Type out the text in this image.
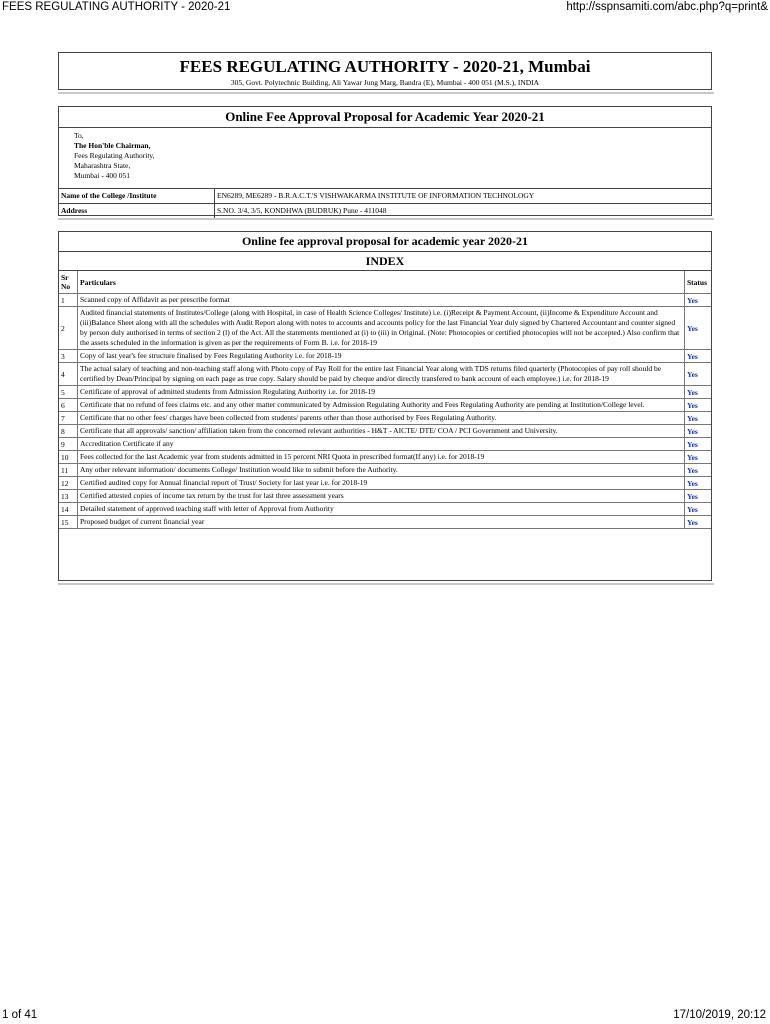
FEES REGULATING AUTHORITY - 2020-21	http://sspnsamiti.com/abc.php?q=print&
FEES REGULATING AUTHORITY - 2020-21, Mumbai
305, Govt. Polytechnic Building, Ali Yawar Jung Marg, Bandra (E), Mumbai - 400 051 (M.S.), INDIA
Online Fee Approval Proposal for Academic Year 2020-21
To,
The Hon'ble Chairman,
Fees Regulating Authority,
Maharashtra State,
Mumbai - 400 051
Name of the College /Institute	EN6289, ME6289 - B.R.A.C.T.'S VISHWAKARMA INSTITUTE OF INFORMATION TECHNOLOGY
Address	S.NO. 3/4, 3/5, KONDHWA (BUDRUK) Pune - 411048
Online fee approval proposal for academic year 2020-21
INDEX
Sr No	Particulars	Status
1	Scanned copy of Affidavit as per prescribe format	Yes
2	Audited financial statements of Institutes/College (along with Hospital, in case of Health Science Colleges/ Institute) i.e. (i)Receipt & Payment Account, (ii)Income & Expenditure Account and (iii)Balance Sheet along with all the schedules with Audit Report along with notes to accounts and accounts policy for the last Financial Year duly signed by Chartered Accountant and counter signed by person duly authorised in terms of section 2 (l) of the Act. All the statements mentioned at (i) to (iii) in Original. (Note: Photocopies or certified photocopies will not be accepted.) Also confirm that the assets scheduled in the information is given as per the requirements of Form B. i.e. for 2018-19	Yes
3	Copy of last year's fee structure finalised by Fees Regulating Authority i.e. for 2018-19	Yes
4	The actual salary of teaching and non-teaching staff along with Photo copy of Pay Roll for the entire last Financial Year along with TDS returns filed quarterly (Photocopies of pay roll should be certified by Dean/Principal by signing on each page as true copy. Salary should be paid by cheque and/or directly transfered to bank account of each employee.) i.e. for 2018-19	Yes
5	Certificate of approval of admitted students from Admission Regulating Authority i.e. for 2018-19	Yes
6	Certificate that no refund of fees claims etc. and any other matter communicated by Admission Regulating Authority and Fees Regulating Authority are pending at Institution/College level.	Yes
7	Certificate that no other fees/ charges have been collected from students/ parents other than those authorised by Fees Regulating Authority.	Yes
8	Certificate that all approvals/ sanction/ affiliation taken from the concerned relevant authorities - H&T - AICTE/ DTE/ COA / PCI Government and University.	Yes
9	Accreditation Certificate if any	Yes
10	Fees collected for the last Academic year from students admitted in 15 percent NRI Quota in prescribed format(If any) i.e. for 2018-19	Yes
11	Any other relevant information/ documents College/ Institution would like to submit before the Authority.	Yes
12	Certified audited copy for Annual financial report of Trust/ Society for last year i.e. for 2018-19	Yes
13	Certified attested copies of income tax return by the trust for last three assessment years	Yes
14	Detailed statement of approved teaching staff with letter of Approval from Authority	Yes
15	Proposed budget of current financial year	Yes
1 of 41	17/10/2019, 20:12
